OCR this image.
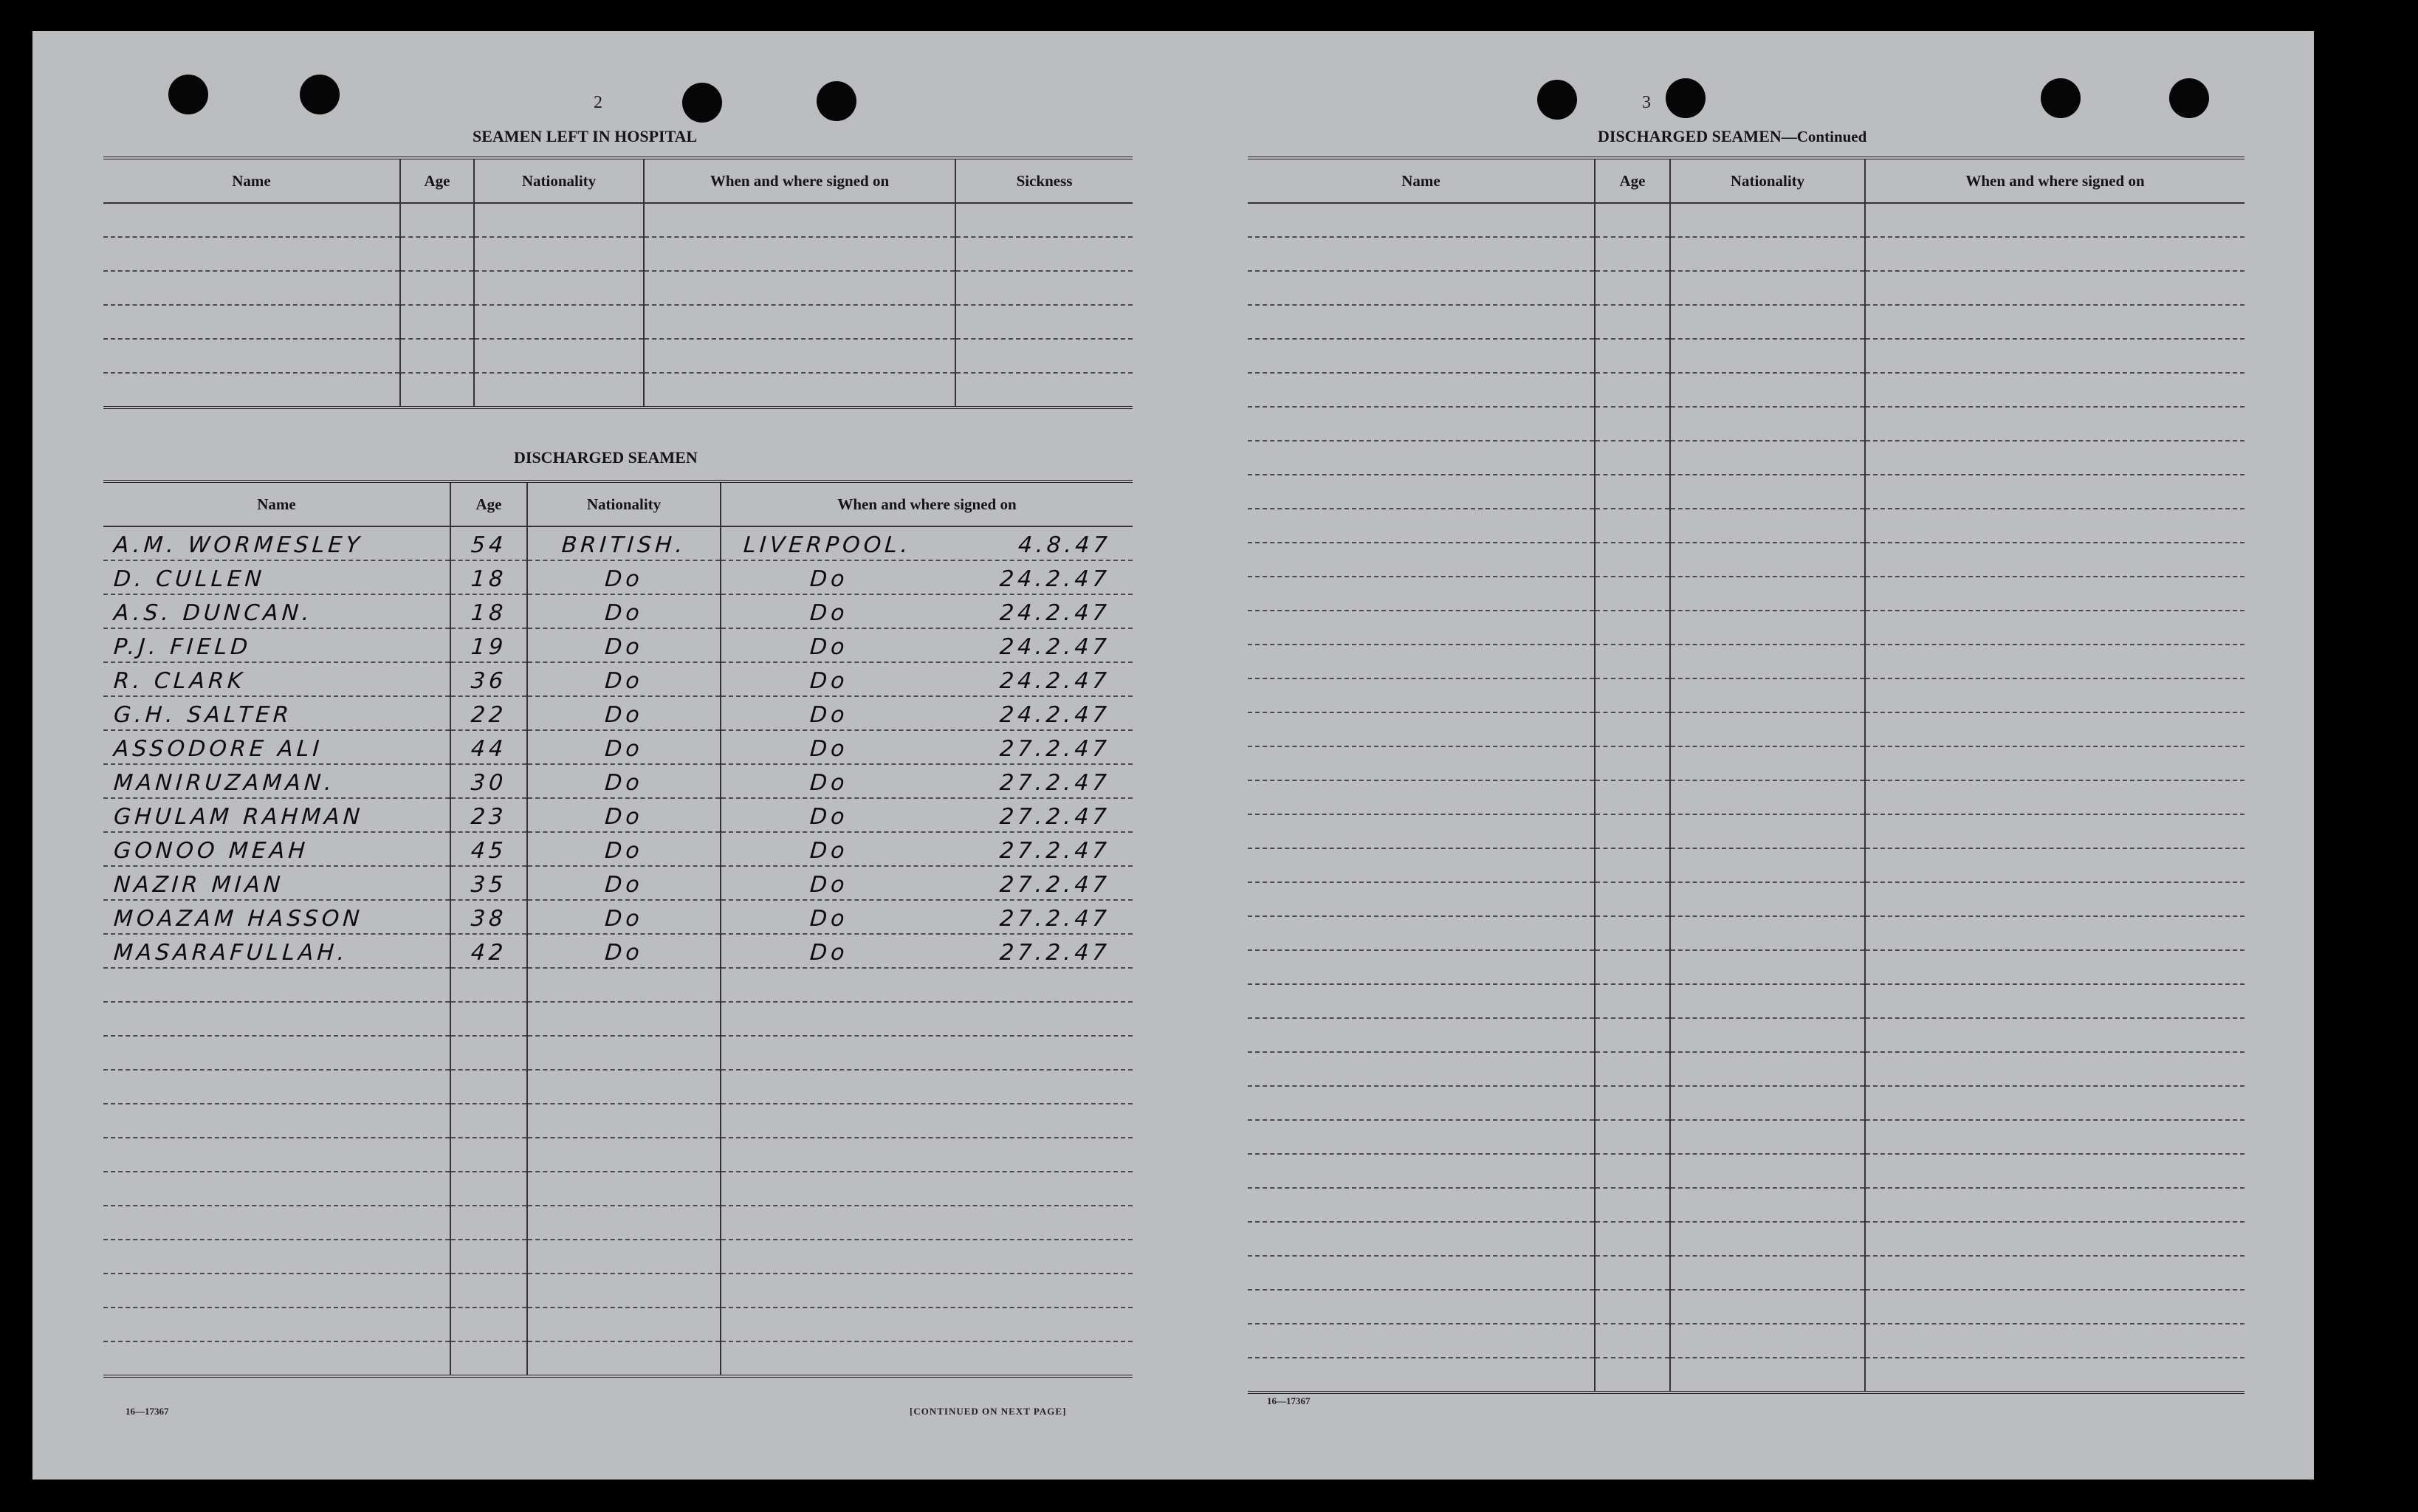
2
SEAMEN LEFT IN HOSPITAL
Name	Age	Nationality	When and where signed on	Sickness

DISCHARGED SEAMEN
Name	Age	Nationality	When and where signed on

A.M. WORMESLEY	54	BRITISH.	LIVERPOOL. 4.8.47

D. CULLEN	18	Do	Do 24.2.47

A.S. DUNCAN.	18	Do	Do 24.2.47

P.J. FIELD	19	Do	Do 24.2.47

R. CLARK	36	Do	Do 24.2.47

G.H. SALTER	22	Do	Do 24.2.47

ASSODORE ALI	44	Do	Do 27.2.47

MANIRUZAMAN.	30	Do	Do 27.2.47

GHULAM RAHMAN	23	Do	Do 27.2.47

GONOO MEAH	45	Do	Do 27.2.47

NAZIR MIAN	35	Do	Do 27.2.47

MOAZAM HASSON	38	Do	Do 27.2.47

MASARAFULLAH.	42	Do	Do 27.2.47

16—17367	[CONTINUED ON NEXT PAGE]
3
DISCHARGED SEAMEN—Continued
Name	Age	Nationality	When and where signed on

16—17367
